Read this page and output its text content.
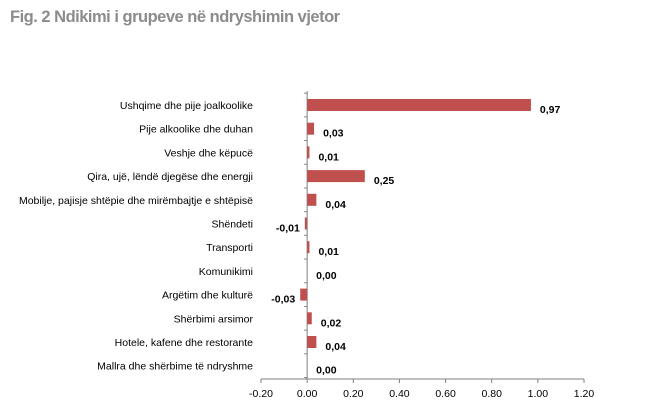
Fig. 2 Ndikimi i grupeve në ndryshimin vjetor
-0.20 0.00 0.20 0.40 0.60 0.80 1.00 1.20
Ushqime dhe pije joalkoolike	0,97
Pije alkoolike dhe duhan	0,03
Veshje dhe këpucë	0,01
Qira, ujë, lëndë djegëse dhe energji	0,25
Mobilje, pajisje shtëpie dhe mirëmbajtje e shtëpisë	0,04
Shëndeti -0,01
Transporti	0,01
Komunikimi	0,00
Argëtim dhe kulturë -0,03
Shërbimi arsimor	0,02
Hotele, kafene dhe restorante	0,04
Mallra dhe shërbime të ndryshme	0,00
